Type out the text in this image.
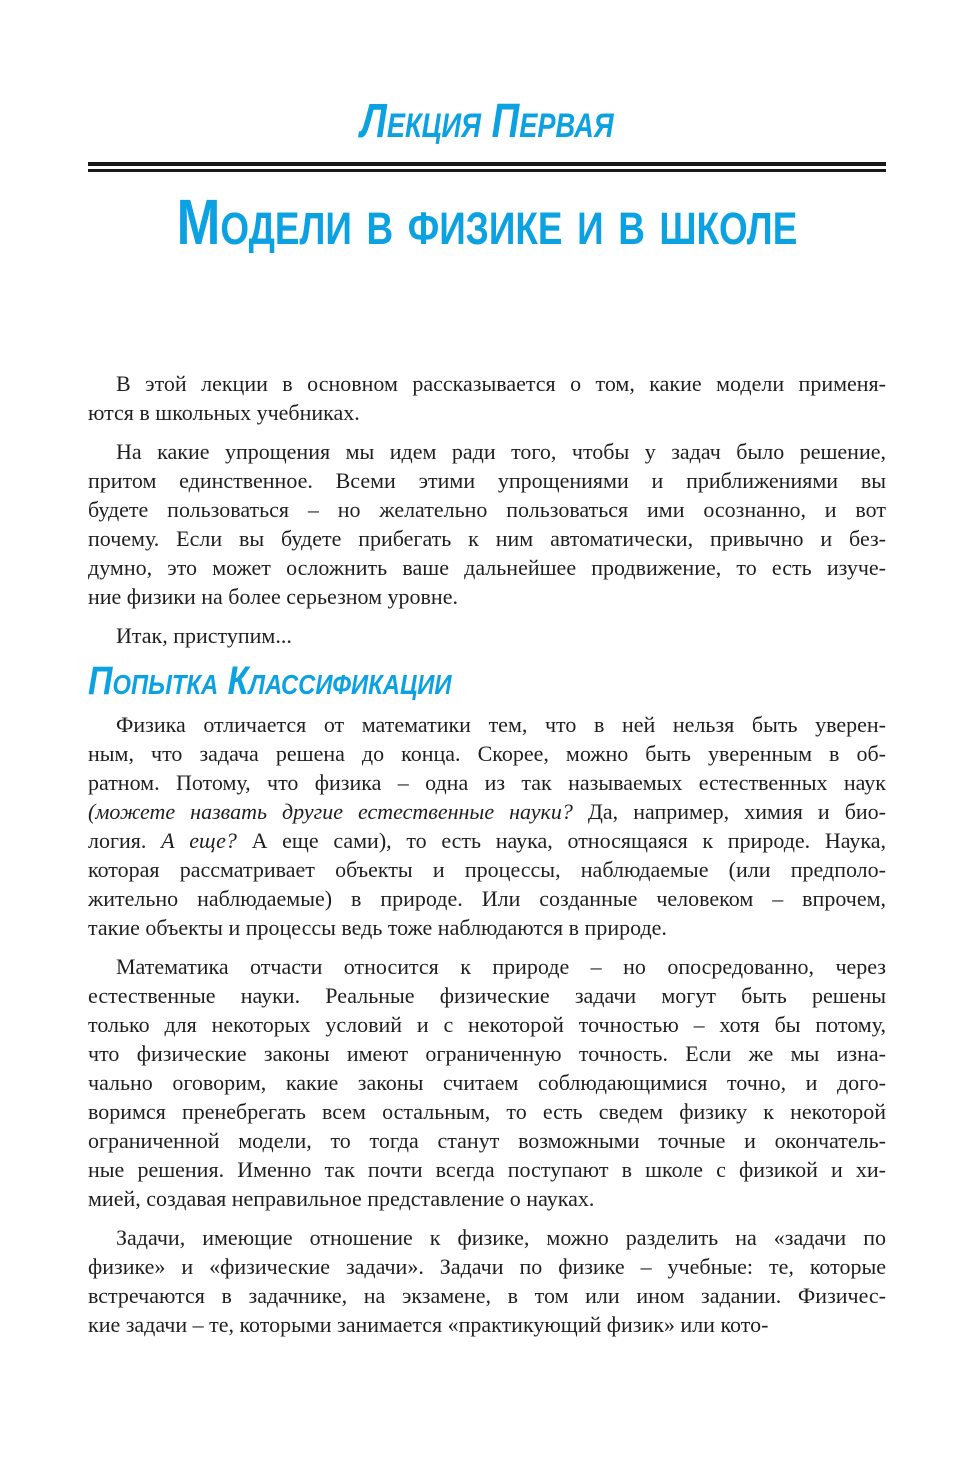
Лекция Первая
Модели в физике и в школе
В этой лекции в основном рассказывается о том, какие модели применя-
ются в школьных учебниках.
На какие упрощения мы идем ради того, чтобы у задач было решение,
притом единственное. Всеми этими упрощениями и приближениями вы
будете пользоваться – но желательно пользоваться ими осознанно, и вот
почему. Если вы будете прибегать к ним автоматически, привычно и без-
думно, это может осложнить ваше дальнейшее продвижение, то есть изуче-
ние физики на более серьезном уровне.
Итак, приступим...
Попытка Классификации
Физика отличается от математики тем, что в ней нельзя быть уверен-
ным, что задача решена до конца. Скорее, можно быть уверенным в об-
ратном. Потому, что физика – одна из так называемых естественных наук
(можете назвать другие естественные науки? Да, например, химия и био-
логия. А еще? А еще сами), то есть наука, относящаяся к природе. Наука,
которая рассматривает объекты и процессы, наблюдаемые (или предполо-
жительно наблюдаемые) в природе. Или созданные человеком – впрочем,
такие объекты и процессы ведь тоже наблюдаются в природе.
Математика отчасти относится к природе – но опосредованно, через
естественные науки. Реальные физические задачи могут быть решены
только для некоторых условий и с некоторой точностью – хотя бы потому,
что физические законы имеют ограниченную точность. Если же мы изна-
чально оговорим, какие законы считаем соблюдающимися точно, и дого-
воримся пренебрегать всем остальным, то есть сведем физику к некоторой
ограниченной модели, то тогда станут возможными точные и окончатель-
ные решения. Именно так почти всегда поступают в школе с физикой и хи-
мией, создавая неправильное представление о науках.
Задачи, имеющие отношение к физике, можно разделить на «задачи по
физике» и «физические задачи». Задачи по физике – учебные: те, которые
встречаются в задачнике, на экзамене, в том или ином задании. Физичес-
кие задачи – те, которыми занимается «практикующий физик» или кото-
